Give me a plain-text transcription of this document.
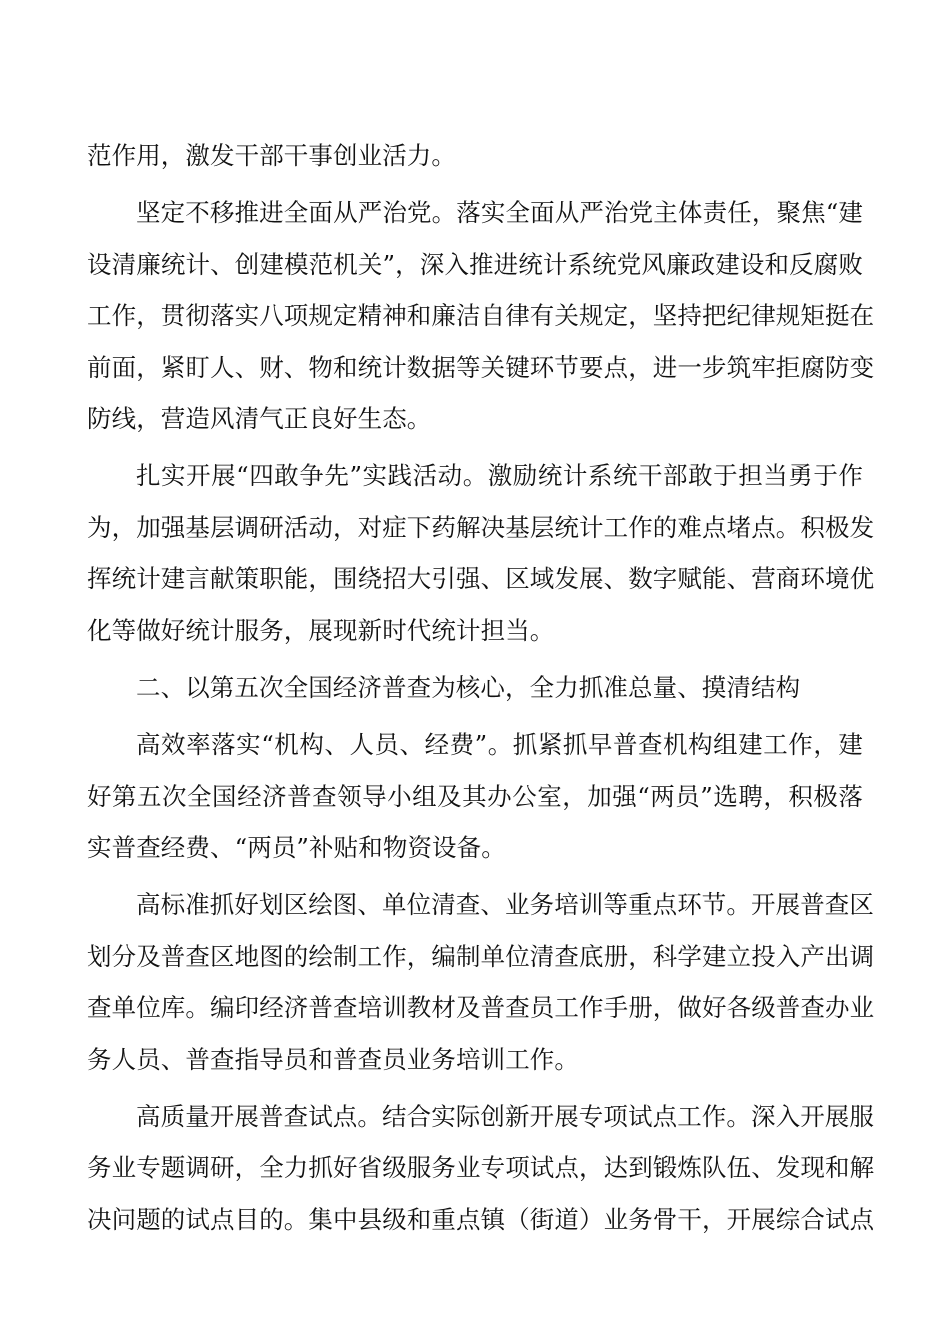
范作用，激发干部干事创业活力。
坚定不移推进全面从严治党。落实全面从严治党主体责任，聚焦“建
设清廉统计、创建模范机关”，深入推进统计系统党风廉政建设和反腐败
工作，贯彻落实八项规定精神和廉洁自律有关规定，坚持把纪律规矩挺在
前面，紧盯人、财、物和统计数据等关键环节要点，进一步筑牢拒腐防变
防线，营造风清气正良好生态。
扎实开展“四敢争先”实践活动。激励统计系统干部敢于担当勇于作
为，加强基层调研活动，对症下药解决基层统计工作的难点堵点。积极发
挥统计建言献策职能，围绕招大引强、区域发展、数字赋能、营商环境优
化等做好统计服务，展现新时代统计担当。
二、以第五次全国经济普查为核心，全力抓准总量、摸清结构
高效率落实“机构、人员、经费”。抓紧抓早普查机构组建工作，建
好第五次全国经济普查领导小组及其办公室，加强“两员”选聘，积极落
实普查经费、“两员”补贴和物资设备。
高标准抓好划区绘图、单位清查、业务培训等重点环节。开展普查区
划分及普查区地图的绘制工作，编制单位清查底册，科学建立投入产出调
查单位库。编印经济普查培训教材及普查员工作手册，做好各级普查办业
务人员、普查指导员和普查员业务培训工作。
高质量开展普查试点。结合实际创新开展专项试点工作。深入开展服
务业专题调研，全力抓好省级服务业专项试点，达到锻炼队伍、发现和解
决问题的试点目的。集中县级和重点镇（街道）业务骨干，开展综合试点
